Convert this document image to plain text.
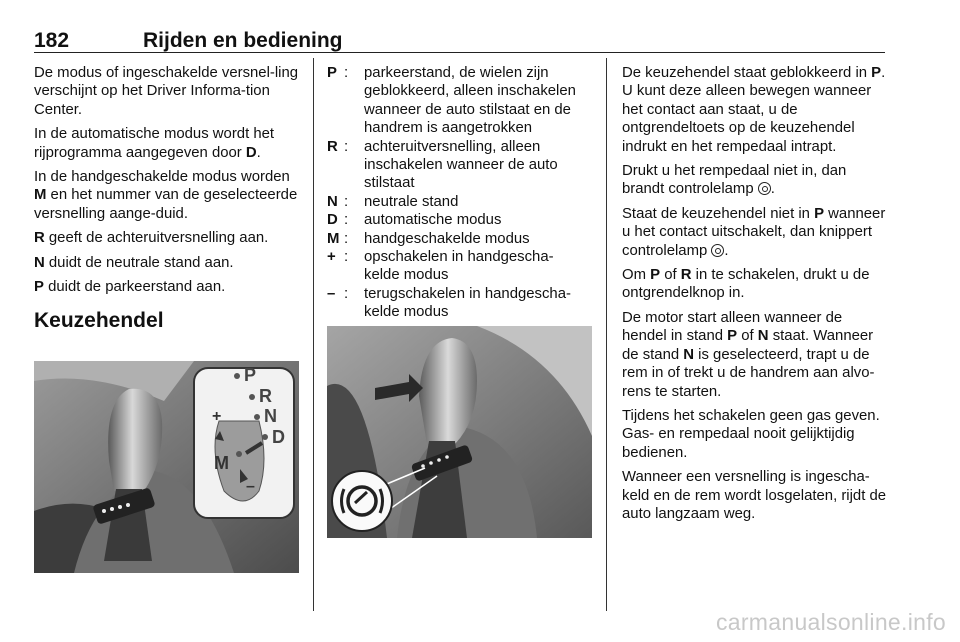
182	Rijden en bediening

De modus of ingeschakelde versnel-ling verschijnt op het Driver Informa-tion Center.

In de automatische modus wordt het rijprogramma aangegeven door D.

In de handgeschakelde modus worden M en het nummer van de geselecteerde versnelling aange-duid.

R geeft de achteruitversnelling aan.

N duidt de neutrale stand aan.

P duidt de parkeerstand aan.

Keuzehendel

P
R
N
D
M
+
–
P :	parkeerstand, de wielen zijn geblokkeerd, alleen inschakelen wanneer de auto stilstaat en de handrem is aangetrokken
R :	achteruitversnelling, alleen inschakelen wanneer de auto stilstaat
N :	neutrale stand
D :	automatische modus
M :	handgeschakelde modus
+ :	opschakelen in handgescha-kelde modus
– :	terugschakelen in handgescha-kelde modus

De keuzehendel staat geblokkeerd in P. U kunt deze alleen bewegen wanneer het contact aan staat, u de ontgrendeltoets op de keuzehendel indrukt en het rempedaal intrapt.

Drukt u het rempedaal niet in, dan brandt controlelamp .

Staat de keuzehendel niet in P wanneer u het contact uitschakelt, dan knippert controlelamp .

Om P of R in te schakelen, drukt u de ontgrendelknop in.

De motor start alleen wanneer de hendel in stand P of N staat. Wanneer de stand N is geselecteerd, trapt u de rem in of trekt u de handrem aan alvo-rens te starten.

Tijdens het schakelen geen gas geven. Gas- en rempedaal nooit gelijktijdig bedienen.

Wanneer een versnelling is ingescha-keld en de rem wordt losgelaten, rijdt de auto langzaam weg.

carmanualsonline.info
